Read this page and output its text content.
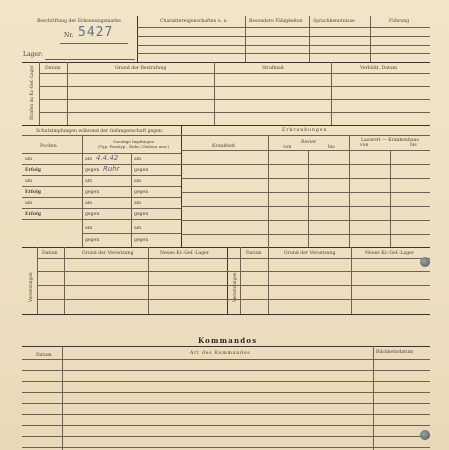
Beschriftung der Erkennungsmarke
Nr. 5427
Lager:
Charaktereigenschaften u. a.	Besondere Fähigkeiten Sprachkenntnisse	Führung
Strafen im Kr.-Gef.-Lager Datum	Grund der Bestrafung	Strafmaß	Verbüßt, Datum
Schutzimpfungen während der Gefangenschaft gegen
Pocken
Sonstige Impfungen
(Typ.-Paratyp., Ruhr, Cholera usw.)
am	am 4.4.42	am
Erfolg	gegen Ruhr	gegen
am	am	am
Erfolg	gegen	gegen
am	am	am
Erfolg	gegen	gegen
am	am
gegen	gegen
Erkrankungen
Krankheit
Revier
von	bis
Lazarett — Krankenhaus
von	bis
Versetzungen
Datum	Grund der Versetzung	Neues Kr.-Gef.-Lager
Versetzungen
Datum	Grund der Versetzung	Neues Kr.-Gef.-Lager
Kommandos
Datum	Art des Kommandos	Rückkehrdatum
